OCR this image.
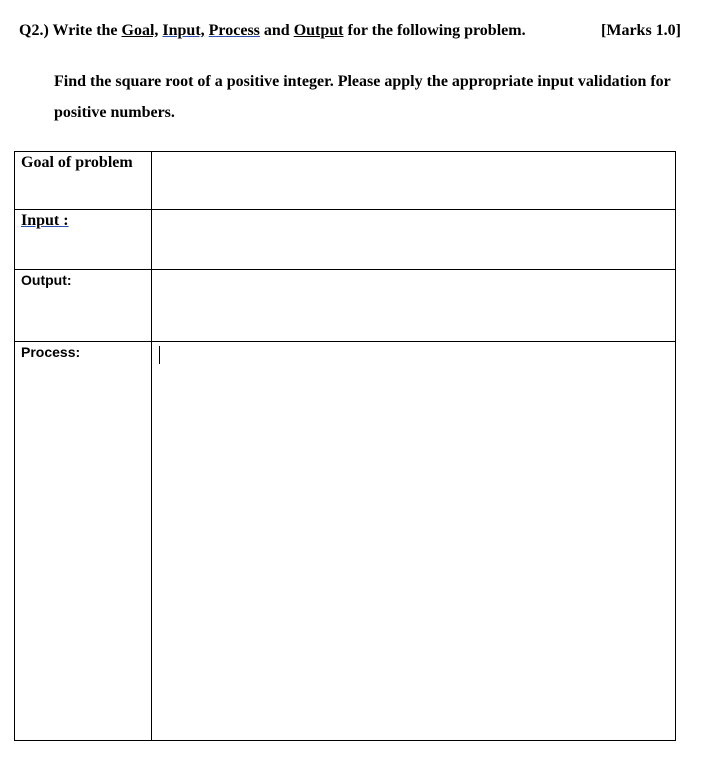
Q2.) Write the Goal, Input, Process and Output for the following problem.	[Marks 1.0]
Find the square root of a positive integer. Please apply the appropriate input validation for positive numbers.
Goal of problem	
Input :	
Output:	
Process:	
